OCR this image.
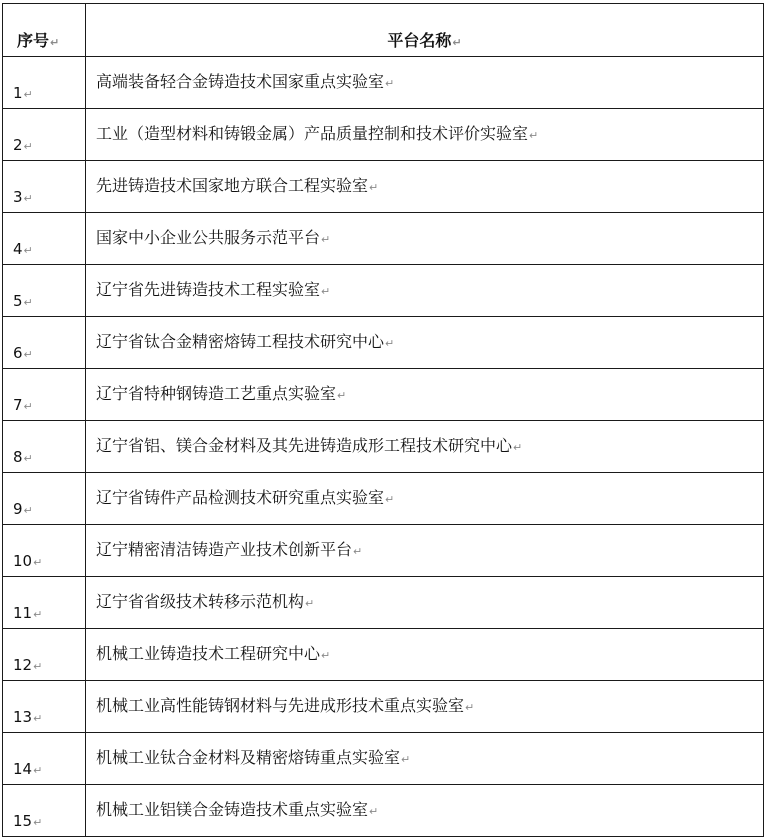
序号↵	平台名称↵
1↵	高端装备轻合金铸造技术国家重点实验室↵
2↵	工业（造型材料和铸锻金属）产品质量控制和技术评价实验室↵
3↵	先进铸造技术国家地方联合工程实验室↵
4↵	国家中小企业公共服务示范平台↵
5↵	辽宁省先进铸造技术工程实验室↵
6↵	辽宁省钛合金精密熔铸工程技术研究中心↵
7↵	辽宁省特种钢铸造工艺重点实验室↵
8↵	辽宁省铝、镁合金材料及其先进铸造成形工程技术研究中心↵
9↵	辽宁省铸件产品检测技术研究重点实验室↵
10↵	辽宁精密清洁铸造产业技术创新平台↵
11↵	辽宁省省级技术转移示范机构↵
12↵	机械工业铸造技术工程研究中心↵
13↵	机械工业高性能铸钢材料与先进成形技术重点实验室↵
14↵	机械工业钛合金材料及精密熔铸重点实验室↵
15↵	机械工业铝镁合金铸造技术重点实验室↵
